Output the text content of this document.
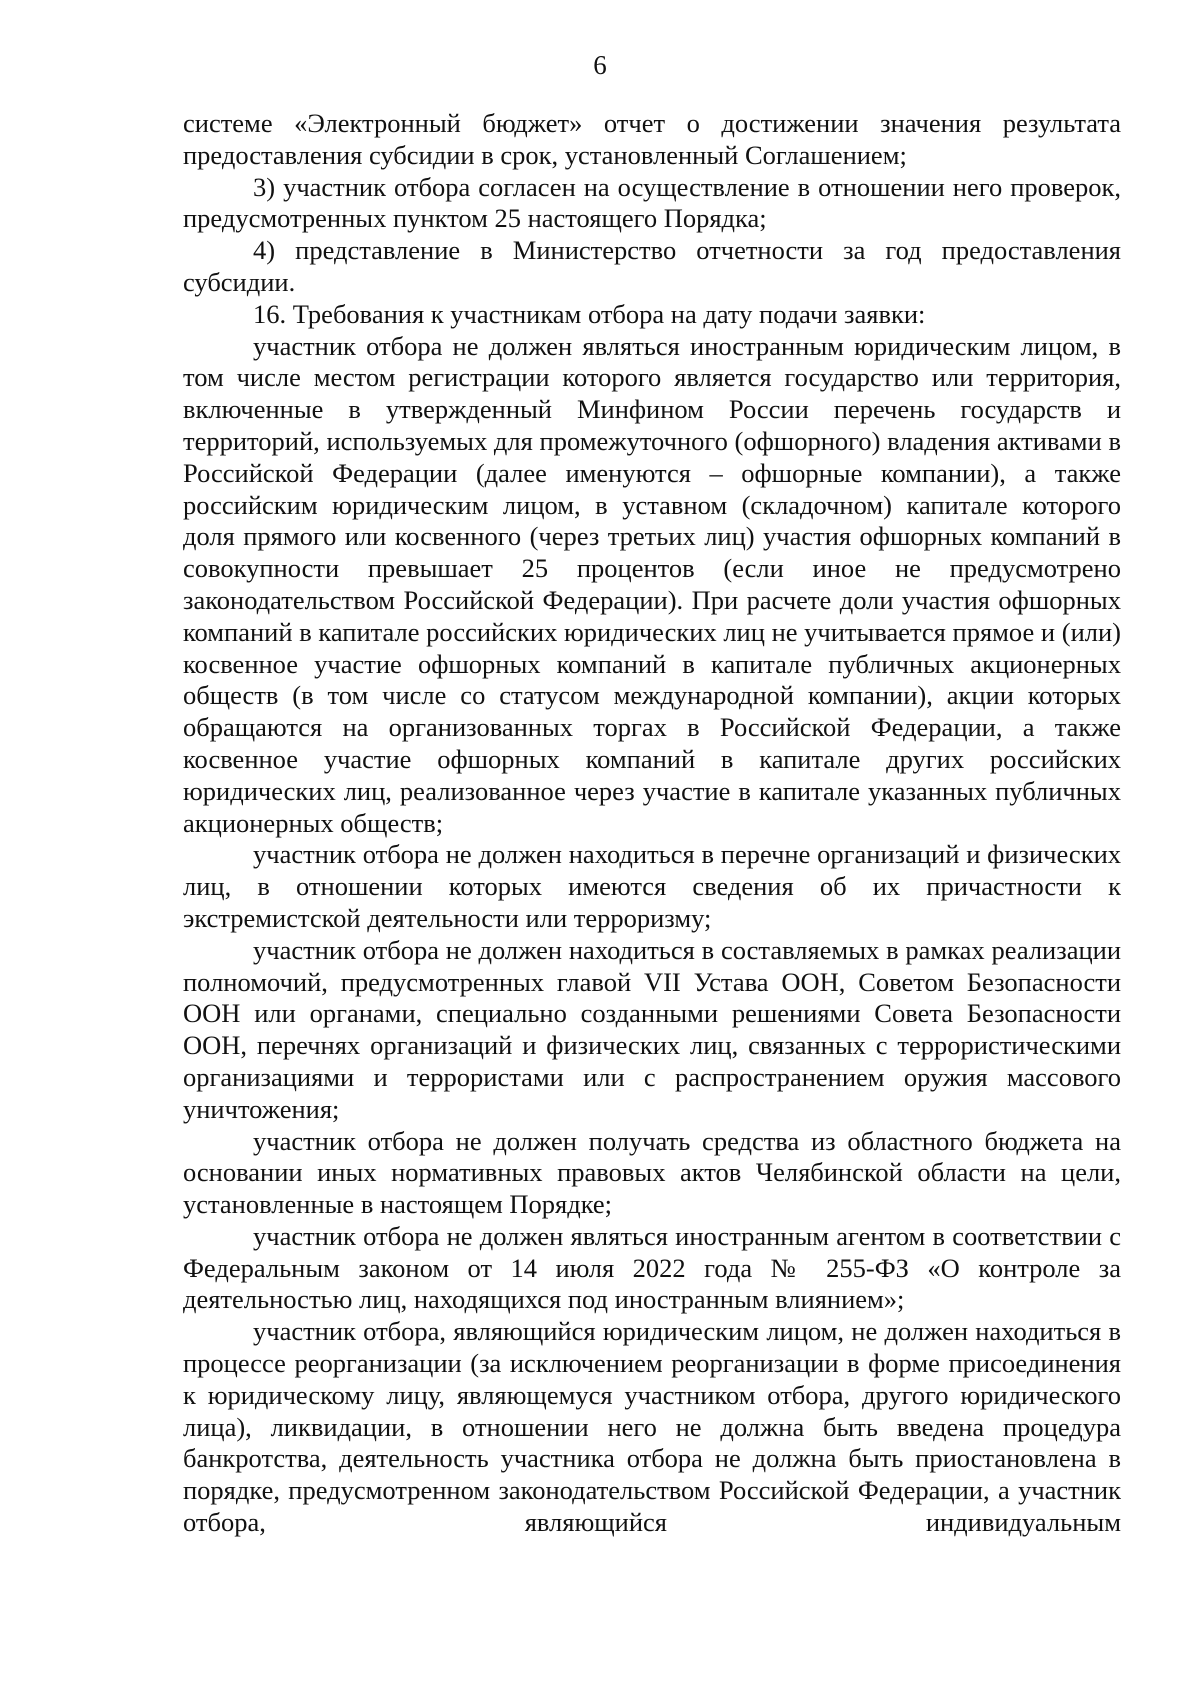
6

системе «Электронный бюджет» отчет о достижении значения результата предоставления субсидии в срок, установленный Соглашением;

3) участник отбора согласен на осуществление в отношении него проверок, предусмотренных пунктом 25 настоящего Порядка;

4) представление в Министерство отчетности за год предоставления субсидии.

16. Требования к участникам отбора на дату подачи заявки:

участник отбора не должен являться иностранным юридическим лицом, в том числе местом регистрации которого является государство или территория, включенные в утвержденный Минфином России перечень государств и территорий, используемых для промежуточного (офшорного) владения активами в Российской Федерации (далее именуются – офшорные компании), а также российским юридическим лицом, в уставном (складочном) капитале которого доля прямого или косвенного (через третьих лиц) участия офшорных компаний в совокупности превышает 25 процентов (если иное не предусмотрено законодательством Российской Федерации). При расчете доли участия офшорных компаний в капитале российских юридических лиц не учитывается прямое и (или) косвенное участие офшорных компаний в капитале публичных акционерных обществ (в том числе со статусом международной компании), акции которых обращаются на организованных торгах в Российской Федерации, а также косвенное участие офшорных компаний в капитале других российских юридических лиц, реализованное через участие в капитале указанных публичных акционерных обществ;

участник отбора не должен находиться в перечне организаций и физических лиц, в отношении которых имеются сведения об их причастности к экстремистской деятельности или терроризму;

участник отбора не должен находиться в составляемых в рамках реализации полномочий, предусмотренных главой VII Устава ООН, Советом Безопасности ООН или органами, специально созданными решениями Совета Безопасности ООН, перечнях организаций и физических лиц, связанных с террористическими организациями и террористами или с распространением оружия массового уничтожения;

участник отбора не должен получать средства из областного бюджета на основании иных нормативных правовых актов Челябинской области на цели, установленные в настоящем Порядке;

участник отбора не должен являться иностранным агентом в соответствии с Федеральным законом от 14 июля 2022 года № 255-ФЗ «О контроле за деятельностью лиц, находящихся под иностранным влиянием»;

участник отбора, являющийся юридическим лицом, не должен находиться в процессе реорганизации (за исключением реорганизации в форме присоединения к юридическому лицу, являющемуся участником отбора, другого юридического лица), ликвидации, в отношении него не должна быть введена процедура банкротства, деятельность участника отбора не должна быть приостановлена в порядке, предусмотренном законодательством Российской Федерации, а участник отбора, являющийся индивидуальным
